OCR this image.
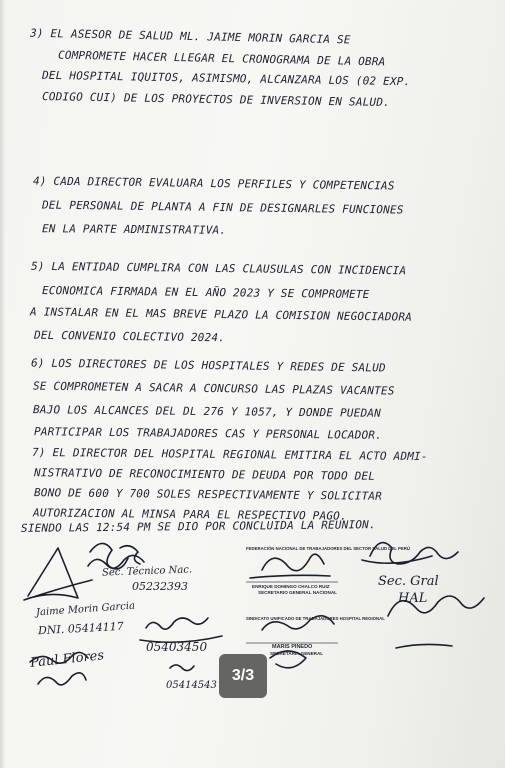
3) EL ASESOR DE SALUD ML. JAIME MORIN GARCIA SE
COMPROMETE HACER LLEGAR EL CRONOGRAMA DE LA OBRA
DEL HOSPITAL IQUITOS, ASIMISMO, ALCANZARA LOS (02 EXP.
CODIGO CUI) DE LOS PROYECTOS DE INVERSION EN SALUD.
4) CADA DIRECTOR EVALUARA LOS PERFILES Y COMPETENCIAS
DEL PERSONAL DE PLANTA A FIN DE DESIGNARLES FUNCIONES
EN LA PARTE ADMINISTRATIVA.
5) LA ENTIDAD CUMPLIRA CON LAS CLAUSULAS CON INCIDENCIA
ECONOMICA FIRMADA EN EL AÑO 2023 Y SE COMPROMETE
A INSTALAR EN EL MAS BREVE PLAZO LA COMISION NEGOCIADORA
DEL CONVENIO COLECTIVO 2024.
6) LOS DIRECTORES DE LOS HOSPITALES Y REDES DE SALUD
SE COMPROMETEN A SACAR A CONCURSO LAS PLAZAS VACANTES
BAJO LOS ALCANCES DEL DL 276 Y 1057, Y DONDE PUEDAN
PARTICIPAR LOS TRABAJADORES CAS Y PERSONAL LOCADOR.
7) EL DIRECTOR DEL HOSPITAL REGIONAL EMITIRA EL ACTO ADMI-
NISTRATIVO DE RECONOCIMIENTO DE DEUDA POR TODO DEL
BONO DE 600 Y 700 SOLES RESPECTIVAMENTE Y SOLICITAR
AUTORIZACION AL MINSA PARA EL RESPECTIVO PAGO.
SIENDO LAS 12:54 PM SE DIO POR CONCLUIDA LA REUNION.
Jaime Morin Garcia
DNI. 05414117
Sec. Técnico Nac.
05232393
05403450
05414543
Sec. Gral
HAL
Paul Flores
FEDERACIÓN NACIONAL DE TRABAJADORES DEL SECTOR SALUD DEL PERÚ
ENRIQUE DOMINGO CHALCO RUIZ
SECRETARIO GENERAL NACIONAL
SINDICATO UNIFICADO DE TRABAJADORES HOSPITAL REGIONAL
MARIS PINEDO
SECRETARIA GENERAL
3/3
